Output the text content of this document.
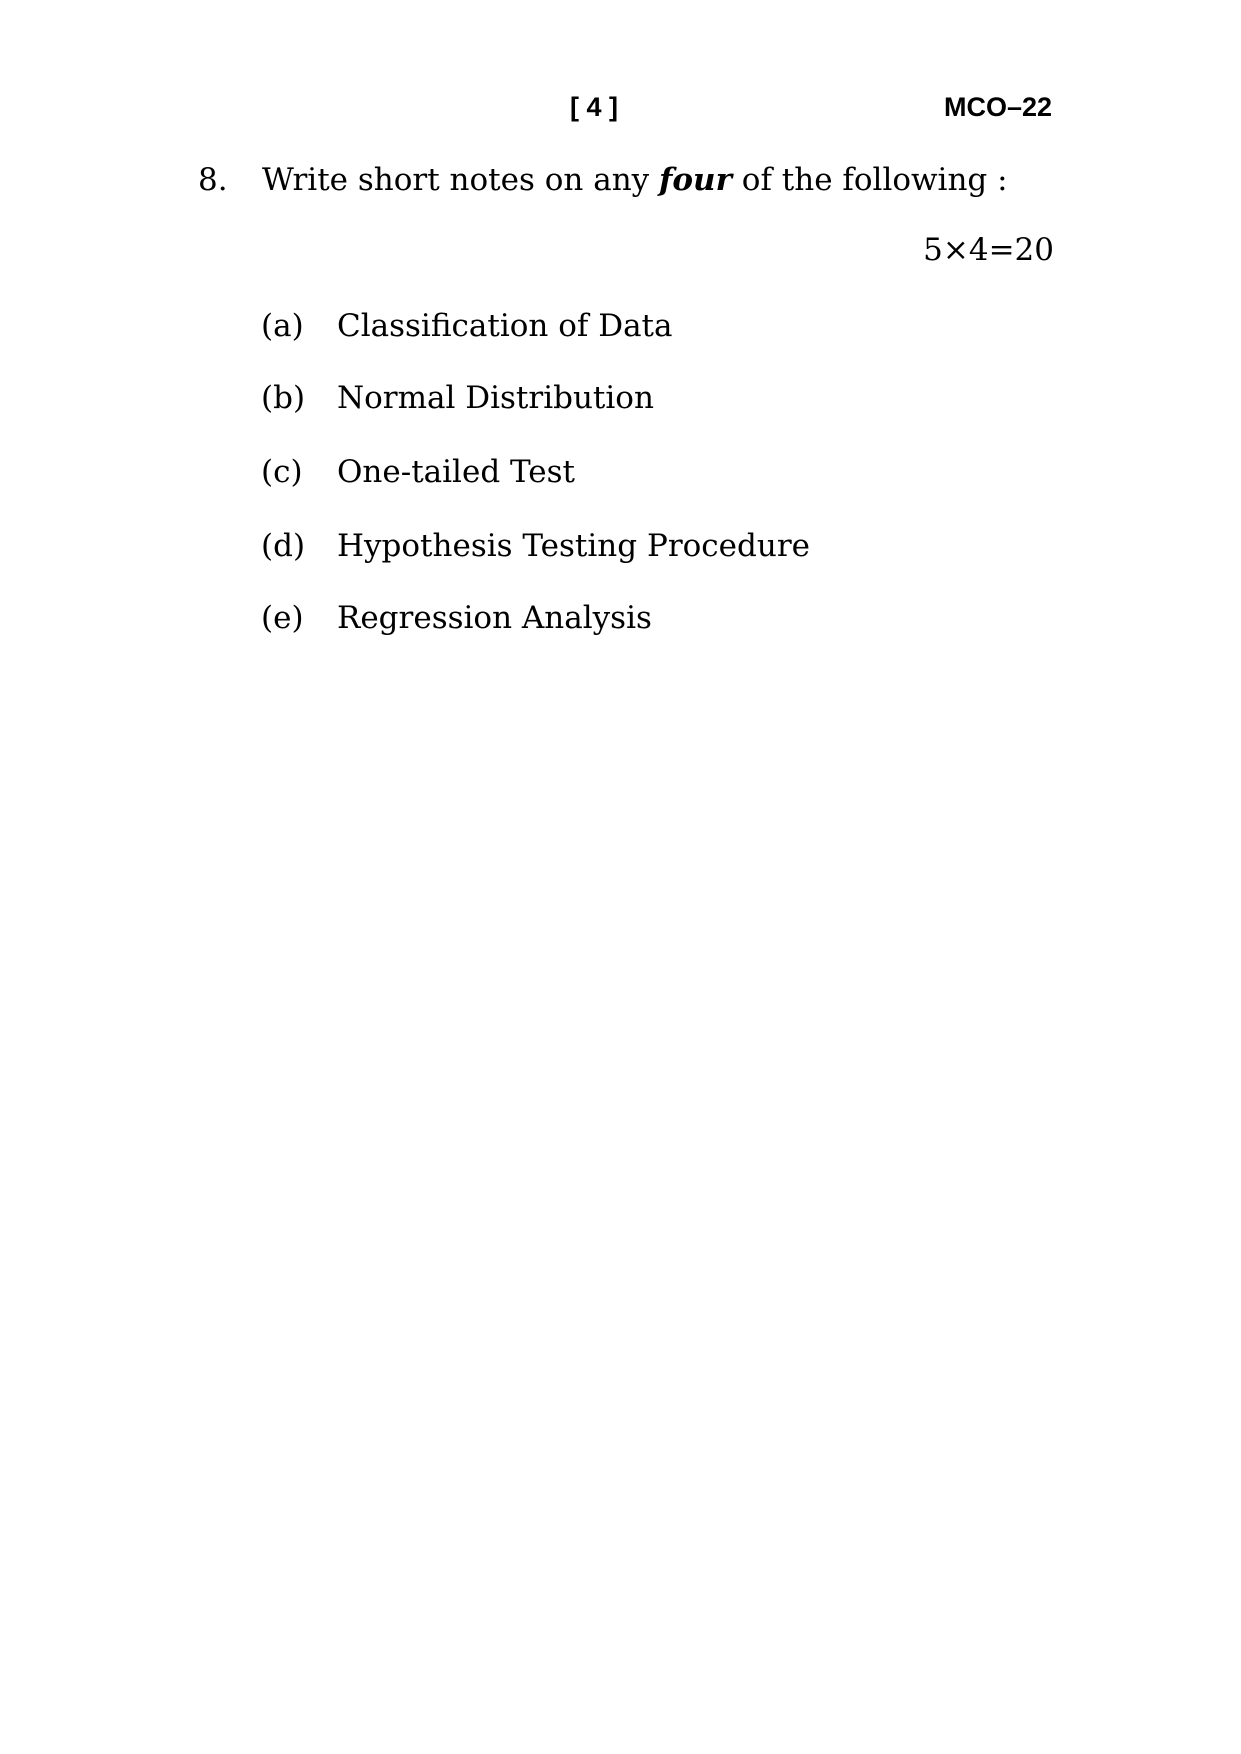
[ 4 ]	MCO–22
8. Write short notes on any four of the following :
5×4=20
(a) Classification of Data
(b) Normal Distribution
(c) One-tailed Test
(d) Hypothesis Testing Procedure
(e) Regression Analysis
